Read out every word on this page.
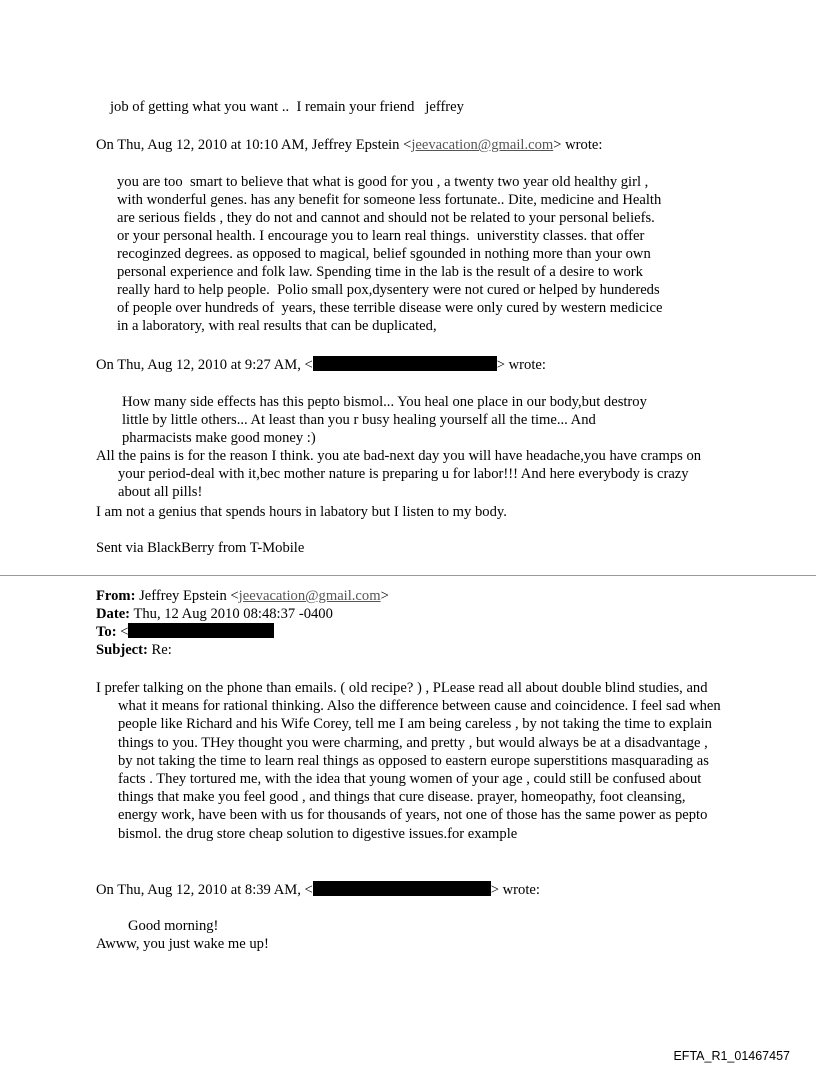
job of getting what you want ..  I remain your friend   jeffrey
On Thu, Aug 12, 2010 at 10:10 AM, Jeffrey Epstein <jeevacation@gmail.com> wrote:
you are too  smart to believe that what is good for you , a twenty two year old healthy girl ,
with wonderful genes. has any benefit for someone less fortunate.. Dite, medicine and Health
are serious fields , they do not and cannot and should not be related to your personal beliefs.
or your personal health. I encourage you to learn real things.  universtity classes. that offer
recoginzed degrees. as opposed to magical, belief sgounded in nothing more than your own
personal experience and folk law. Spending time in the lab is the result of a desire to work
really hard to help people.  Polio small pox,dysentery were not cured or helped by hundereds
of people over hundreds of  years, these terrible disease were only cured by western medicice
in a laboratory, with real results that can be duplicated,
On Thu, Aug 12, 2010 at 9:27 AM, <	> wrote:
How many side effects has this pepto bismol... You heal one place in our body,but destroy
little by little others... At least than you r busy healing yourself all the time... And
pharmacists make good money :)
All the pains is for the reason I think. you ate bad-next day you will have headache,you have cramps on your period-deal with it,bec mother nature is preparing u for labor!!! And here everybody is crazy about all pills!
I am not a genius that spends hours in labatory but I listen to my body.
Sent via BlackBerry from T-Mobile
From: Jeffrey Epstein <jeevacation@gmail.com>
Date: Thu, 12 Aug 2010 08:48:37 -0400
To: <
Subject: Re:
I prefer talking on the phone than emails. ( old recipe? ) , PLease read all about double blind studies, and what it means for rational thinking. Also the difference between cause and coincidence. I feel sad when people like Richard and his Wife Corey, tell me I am being careless , by not taking the time to explain things to you. THey thought you were charming, and pretty , but would always be at a disadvantage , by not taking the time to learn real things as opposed to eastern europe superstitions masquarading as facts . They tortured me, with the idea that young women of your age , could still be confused about things that make you feel good , and things that cure disease. prayer, homeopathy, foot cleansing, energy work, have been with us for thousands of years, not one of those has the same power as pepto bismol. the drug store cheap solution to digestive issues.for example
On Thu, Aug 12, 2010 at 8:39 AM, <	> wrote:
Good morning!
Awww, you just wake me up!
EFTA_R1_01467457
